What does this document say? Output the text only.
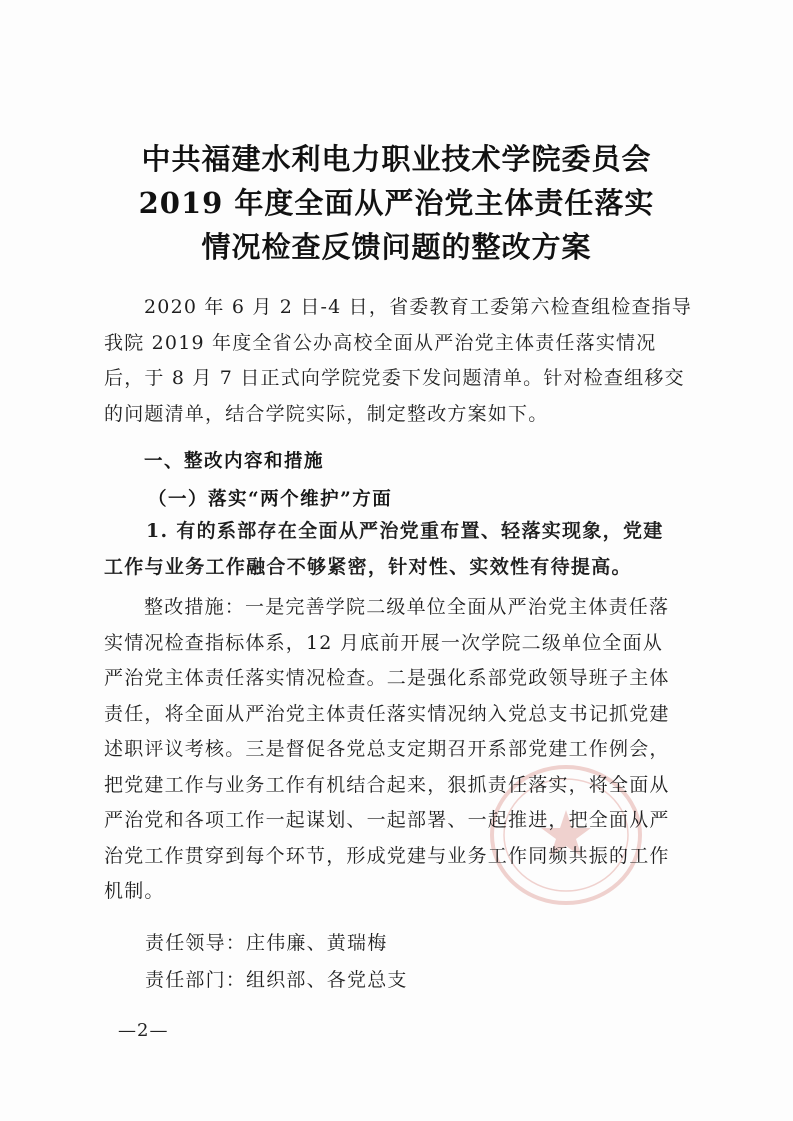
中共福建水利电力职业技术学院委员会
2019 年度全面从严治党主体责任落实
情况检查反馈问题的整改方案
2020 年 6 月 2 日-4 日，省委教育工委第六检查组检查指导
我院 2019 年度全省公办高校全面从严治党主体责任落实情况
后，于 8 月 7 日正式向学院党委下发问题清单。针对检查组移交
的问题清单，结合学院实际，制定整改方案如下。
一、整改内容和措施
（一）落实“两个维护”方面
1. 有的系部存在全面从严治党重布置、轻落实现象，党建
工作与业务工作融合不够紧密，针对性、实效性有待提高。
整改措施：一是完善学院二级单位全面从严治党主体责任落
实情况检查指标体系，12 月底前开展一次学院二级单位全面从
严治党主体责任落实情况检查。二是强化系部党政领导班子主体
责任，将全面从严治党主体责任落实情况纳入党总支书记抓党建
述职评议考核。三是督促各党总支定期召开系部党建工作例会，
把党建工作与业务工作有机结合起来，狠抓责任落实，将全面从
严治党和各项工作一起谋划、一起部署、一起推进，把全面从严
治党工作贯穿到每个环节，形成党建与业务工作同频共振的工作
机制。
责任领导：庄伟廉、黄瑞梅
责任部门：组织部、各党总支
—2—
